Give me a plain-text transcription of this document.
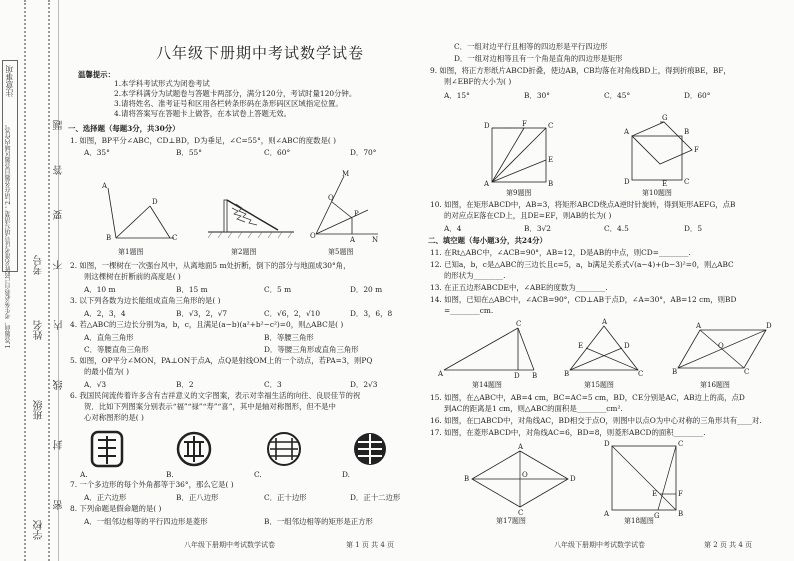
注意事项
1.答题前，考生务必将自己的姓名准考证号填写清楚；2.请在各题目答题区域内作答。
学校
班级
姓名
考号
密
封
线
内
不
要
答
题
八年级下册期中考试数学试卷
温馨提示：
1.本学科考试形式为闭卷考试
2.本学科满分为试题卷与答题卡两部分，满分120分，考试时量120分钟。
3.请将姓名、准考证号和区用各栏转条形码在条形码区区域指定位置。
4.请将答案写在答题卡上做答，在本试卷上答题无效。
一、选择题（每题3分，共30分）
1. 如图，BP平分∠ABC，CD⊥BD，D为垂足，∠C=55°，则∠ABC的度数是( )
A．35°	B．55°	C．60°	D．70°
A
D
B	C
第1题图	第2题图
M
Q
P
O	A N
第5题图
2. 如图，一棵树在一次强台风中，从离地面5 m处折断，倒下的部分与地面成30°角，
则这棵树在折断前的高度是( )
A．10 m	B．15 m	C．5 m	D．20 m
3. 以下列各数为边长能组成直角三角形的是( )
A．2，3，4	B．√3，2，√7	C．√6，2，√10	D．3，6，8
4. 若△ABC的三边长分别为a，b，c，且满足(a−b)(a²+b²−c²)=0，则△ABC是( )
A．直角三角形	B．等腰三角形
C．等腰直角三角形	D．等腰三角形或直角三角形
5. 如图，OP平分∠MON，PA⊥ON于点A，点Q是射线OM上的一个动点，若PA=3，则PQ
的最小值为( )
A．√3	B．2	C．3	D．2√3
6. 我国民间流传着许多含有吉祥意义的文字图案，表示对幸福生活的向往、良辰佳节的祝
贺．比如下列图案分别表示“福”“禄”“寿”“喜”，其中是轴对称图形，但不是中
心对称图形的是( )
A.	B.	C.	D.
7. 一个多边形的每个外角都等于36°，那么它是( )
A．正六边形	B．正八边形	C．正十边形	D．正十二边形
8. 下列命题是假命题的是( )
A．一组邻边相等的平行四边形是菱形	B．一组邻边相等的矩形是正方形
八年级下册期中考试数学试卷	第 1 页 共 4 页
C．一组对边平行且相等的四边形是平行四边形
D．一组对边相等且有一个角是直角的四边形是矩形
9. 如图，将正方形纸片ABCD折叠，使边AB，CB均落在对角线BD上，得到折痕BE，BF，
则∠EBF的大小为( )
A．15°	B．30°	C．45°	D．60°
D	F	C
E
A	B
第9题图
A
G
F
E
D	C
B
第10题图
10. 如图，在矩形ABCD中，AB=3，将矩形ABCD绕点A逆时针旋转，得到矩形AEFG，点B
的对应点E落在CD上，且DE=EF，则AB的长为( )
A．4	B．3√2	C．4.5	D．5
二、填空题（每小题3分，共24分）
11. 在Rt△ABC中，∠ACB=90°，AB=12，D是AB的中点，则CD=________.
12. 已知a，b，c是△ABC的三边长且c=5，a，b满足关系式√(a−4)+(b−3)²=0，则△ABC
的形状为________.
13. 在正五边形ABCDE中，∠ABE的度数为________.
14. 如图，已知在△ABC中，∠ACB=90°，CD⊥AB于点D，∠A=30°，AB=12 cm，则BD
=________cm.
A
C
D B
第14题图
A
E	D
B	C
第15题图
A	D
O
B	C
第16题图
15. 如图，在△ABC中，AB=4 cm，BC=AC=5 cm，BD，CE分别是AC，AB边上的高，点D
到AC的距离是1 cm，则△ABC的面积是________cm².
16. 如图，在□ABCD中，对角线AC，BD相交于点O，则图中以点O为中心对称的三角形共有____对.
17. 如图，在菱形ABCD中，对角线AC=6，BD=8，则菱形ABCD的面积________.
A
B	D
O
C
第17题图
D	C
E	F
A	G	B
第18题图
八年级下册期中考试数学试卷	第 2 页 共 4 页
